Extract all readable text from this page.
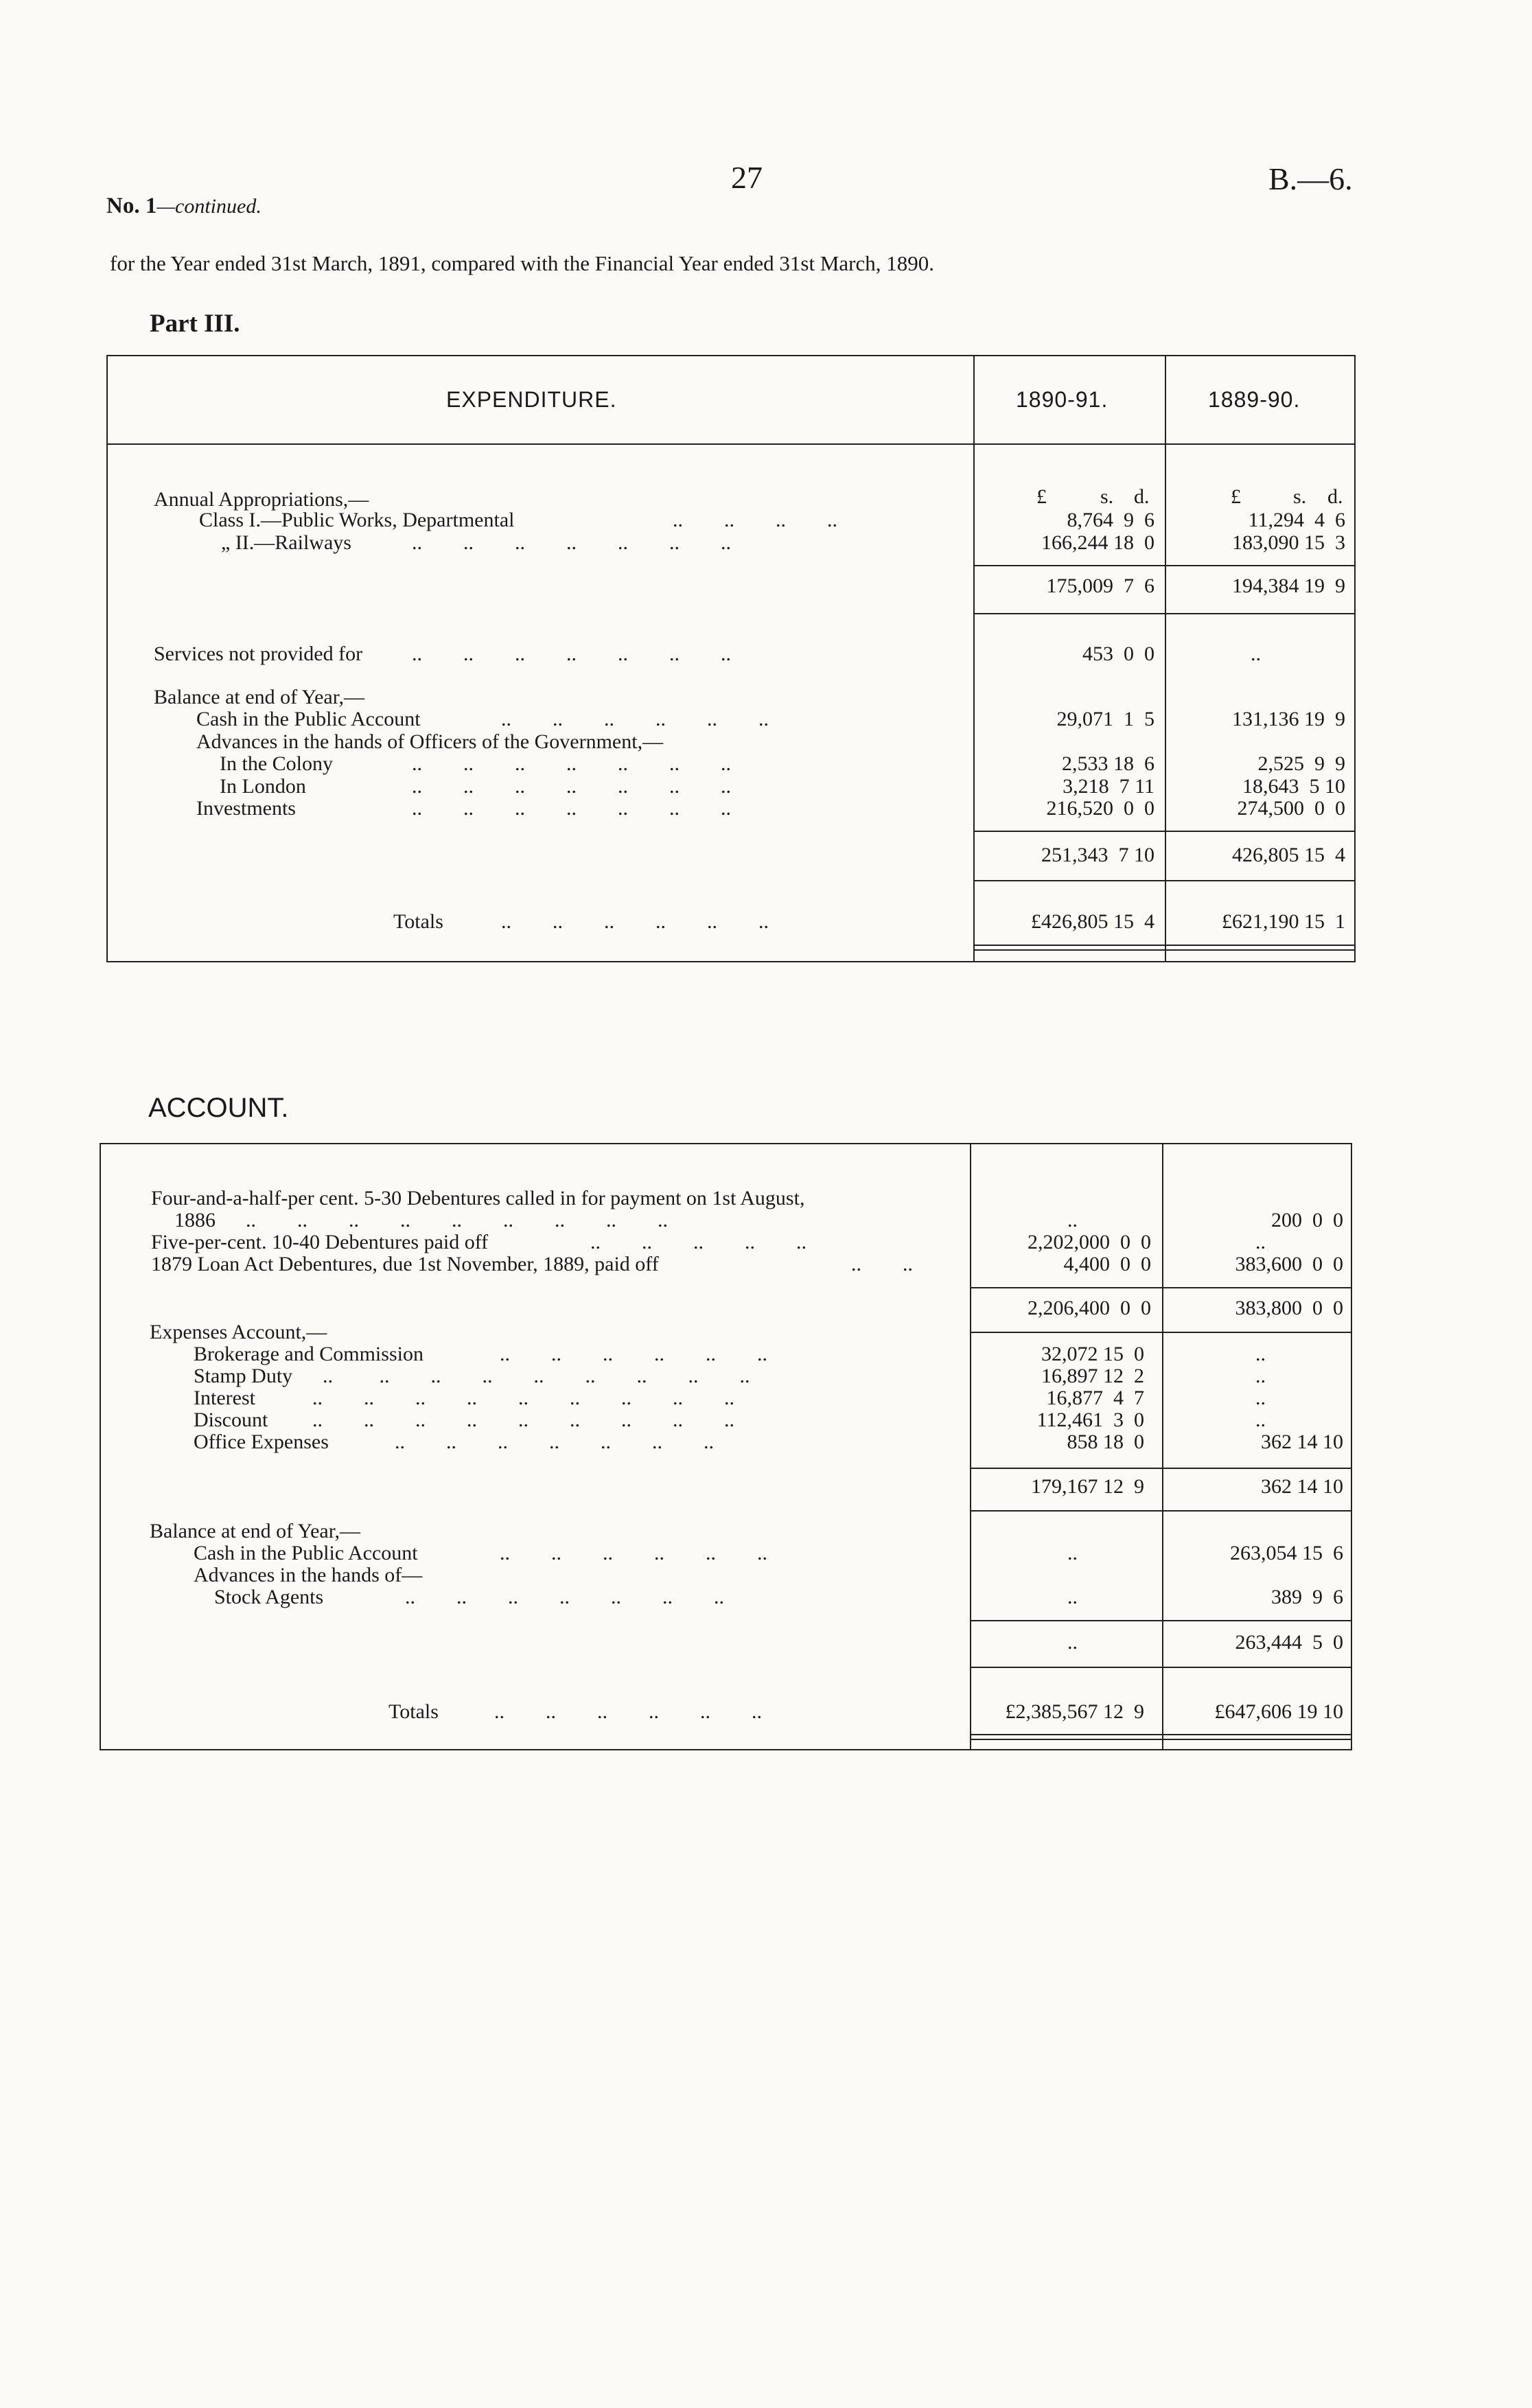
No. 1—continued.
27	B.—6.
for the Year ended 31st March, 1891, compared with the Financial Year ended 31st March, 1890.
Part III.
EXPENDITURE.	1890-91.	1889-90.
£	s. d.	£	s. d.
Annual Appropriations,—
Class I.—Public Works, Departmental	..        ..        ..        ..	8,764  9  6	11,294  4  6
„ II.—Railways	..        ..        ..        ..        ..        ..        ..	166,244 18  0	183,090 15  3
175,009  7  6	194,384 19  9
Services not provided for ..        ..        ..        ..        ..        ..        ..	453  0  0	..
Balance at end of Year,—
Cash in the Public Account	..        ..        ..        ..        ..        ..	29,071  1  5	131,136 19  9
Advances in the hands of Officers of the Government,—
In the Colony	..        ..        ..        ..        ..        ..        ..	2,533 18  6	2,525  9  9
In London	..        ..        ..        ..        ..        ..        ..	3,218  7 11	18,643  5 10
Investments	..        ..        ..        ..        ..        ..        ..	216,520  0  0	274,500  0  0
251,343  7 10	426,805 15  4
Totals	..        ..        ..        ..        ..        ..	£426,805 15  4	£621,190 15  1
ACCOUNT.
Four-and-a-half-per cent. 5-30 Debentures called in for payment on 1st August,
1886 ..        ..        ..        ..        ..        ..        ..        ..        ..	..	200  0  0
Five-per-cent. 10-40 Debentures paid off	..        ..        ..        ..        ..	2,202,000  0  0	..
1879 Loan Act Debentures, due 1st November, 1889, paid off	..        ..	4,400  0  0	383,600  0  0
2,206,400  0  0	383,800  0  0
Expenses Account,—
Brokerage and Commission	..        ..        ..        ..        ..        ..	32,072 15  0	..
Stamp Duty ..         ..        ..        ..        ..        ..        ..        ..        ..	16,897 12  2	..
Interest	..        ..        ..        ..        ..        ..        ..        ..        ..	16,877  4  7	..
Discount ..        ..        ..        ..        ..        ..        ..        ..        ..	112,461  3  0	..
Office Expenses	..        ..        ..        ..        ..        ..        ..	858 18  0	362 14 10
179,167 12  9	362 14 10
Balance at end of Year,—
Cash in the Public Account	..        ..        ..        ..        ..        ..	..	263,054 15  6
Advances in the hands of—
Stock Agents	..        ..        ..        ..        ..        ..        ..	..	389  9  6
..	263,444  5  0
Totals	..        ..        ..        ..        ..        ..	£2,385,567 12  9	£647,606 19 10
